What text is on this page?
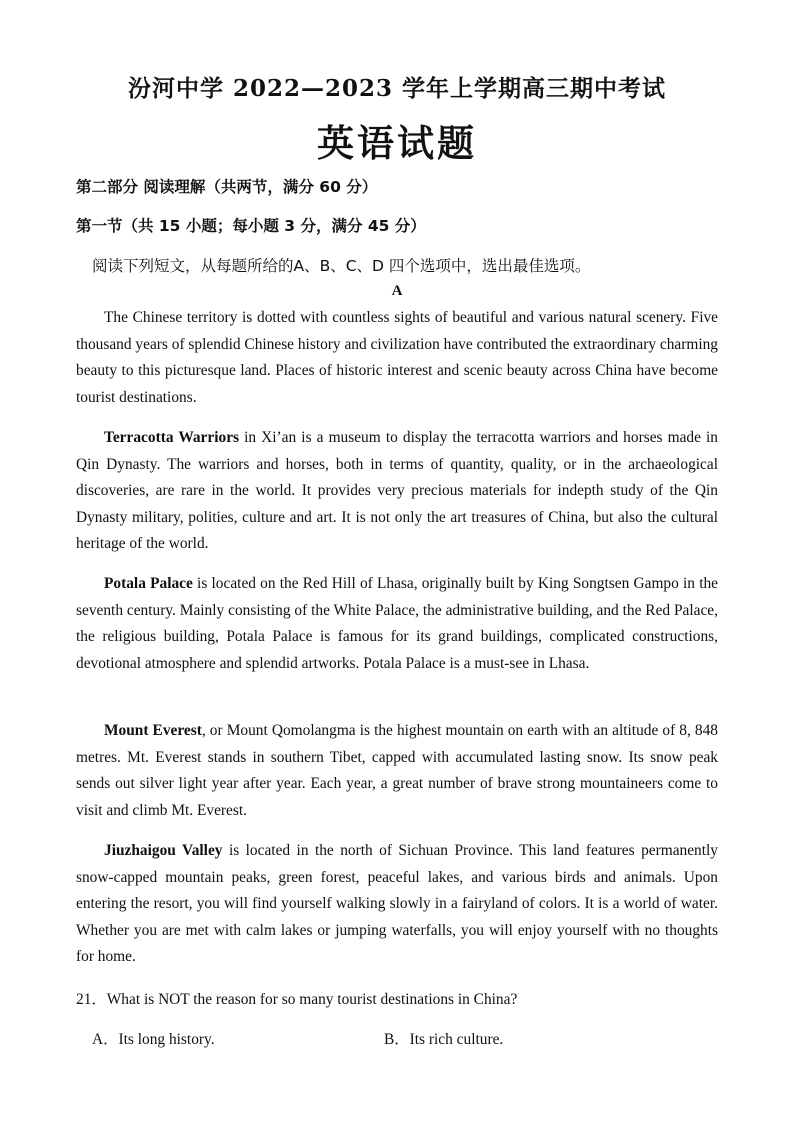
汾河中学 2022—2023 学年上学期高三期中考试
英语试题
第二部分 阅读理解（共两节，满分 60 分）
第一节（共 15 小题；每小题 3 分，满分 45 分）
阅读下列短文，从每题所给的A、B、C、D 四个选项中，选出最佳选项。
A

The Chinese territory is dotted with countless sights of beautiful and various natural scenery. Five thousand years of splendid Chinese history and civilization have contributed the extraordinary charming beauty to this picturesque land. Places of historic interest and scenic beauty across China have become tourist destinations.

Terracotta Warriors in Xi’an is a museum to display the terracotta warriors and horses made in Qin Dynasty. The warriors and horses, both in terms of quantity, quality, or in the archaeological discoveries, are rare in the world. It provides very precious materials for indepth study of the Qin Dynasty military, polities, culture and art. It is not only the art treasures of China, but also the cultural heritage of the world.

Potala Palace is located on the Red Hill of Lhasa, originally built by King Songtsen Gampo in the seventh century. Mainly consisting of the White Palace, the administrative building, and the Red Palace, the religious building, Potala Palace is famous for its grand buildings, complicated constructions, devotional atmosphere and splendid artworks. Potala Palace is a must-see in Lhasa.

Mount Everest, or Mount Qomolangma is the highest mountain on earth with an altitude of 8, 848 metres. Mt. Everest stands in southern Tibet, capped with accumulated lasting snow. Its snow peak sends out silver light year after year. Each year, a great number of brave strong mountaineers come to visit and climb Mt. Everest.

Jiuzhaigou Valley is located in the north of Sichuan Province. This land features permanently snow-capped mountain peaks, green forest, peaceful lakes, and various birds and animals. Upon entering the resort, you will find yourself walking slowly in a fairyland of colors. It is a world of water. Whether you are met with calm lakes or jumping waterfalls, you will enjoy yourself with no thoughts for home.

21．What is NOT the reason for so many tourist destinations in China?
A．Its long history.	B．Its rich culture.
